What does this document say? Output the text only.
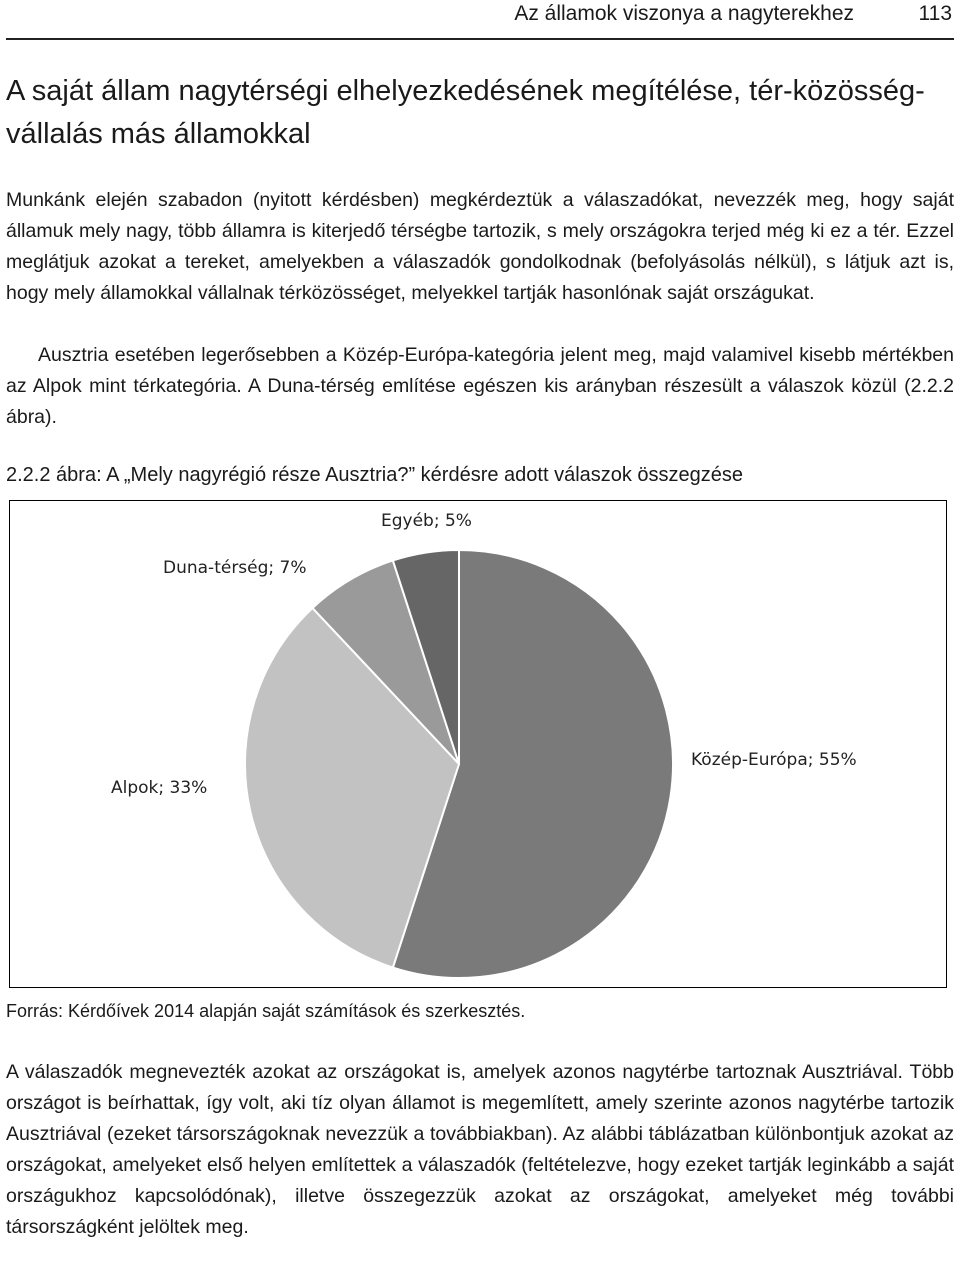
Az államok viszonya a nagyterekhez	113
A saját állam nagytérségi elhelyezkedésének megítélése, tér-közösség-vállalás más államokkal

Munkánk elején szabadon (nyitott kérdésben) megkérdeztük a válaszadókat, nevezzék meg, hogy saját államuk mely nagy, több államra is kiterjedő térségbe tartozik, s mely országokra terjed még ki ez a tér. Ezzel meglátjuk azokat a tereket, amelyekben a válaszadók gondolkodnak (befolyásolás nélkül), s látjuk azt is, hogy mely államokkal vállalnak térközösséget, melyekkel tartják hasonlónak saját országukat.

Ausztria esetében legerősebben a Közép-Európa-kategória jelent meg, majd valamivel kisebb mértékben az Alpok mint térkategória. A Duna-térség említése egészen kis arányban részesült a válaszok közül (2.2.2 ábra).

2.2.2 ábra: A „Mely nagyrégió része Ausztria?” kérdésre adott válaszok összegzése
Közép-Európa; 55%
Alpok; 33%
Duna-térség; 7%
Egyéb; 5%
Forrás: Kérdőívek 2014 alapján saját számítások és szerkesztés.

A válaszadók megnevezték azokat az országokat is, amelyek azonos nagytérbe tartoznak Ausztriával. Több országot is beírhattak, így volt, aki tíz olyan államot is megemlített, amely szerinte azonos nagytérbe tartozik Ausztriával (ezeket társországoknak nevezzük a továbbiakban). Az alábbi táblázatban különbontjuk azokat az országokat, amelyeket első helyen említettek a válaszadók (feltételezve, hogy ezeket tartják leginkább a saját országukhoz kapcsolódónak), illetve összegezzük azokat az országokat, amelyeket még további társországként jelöltek meg.
